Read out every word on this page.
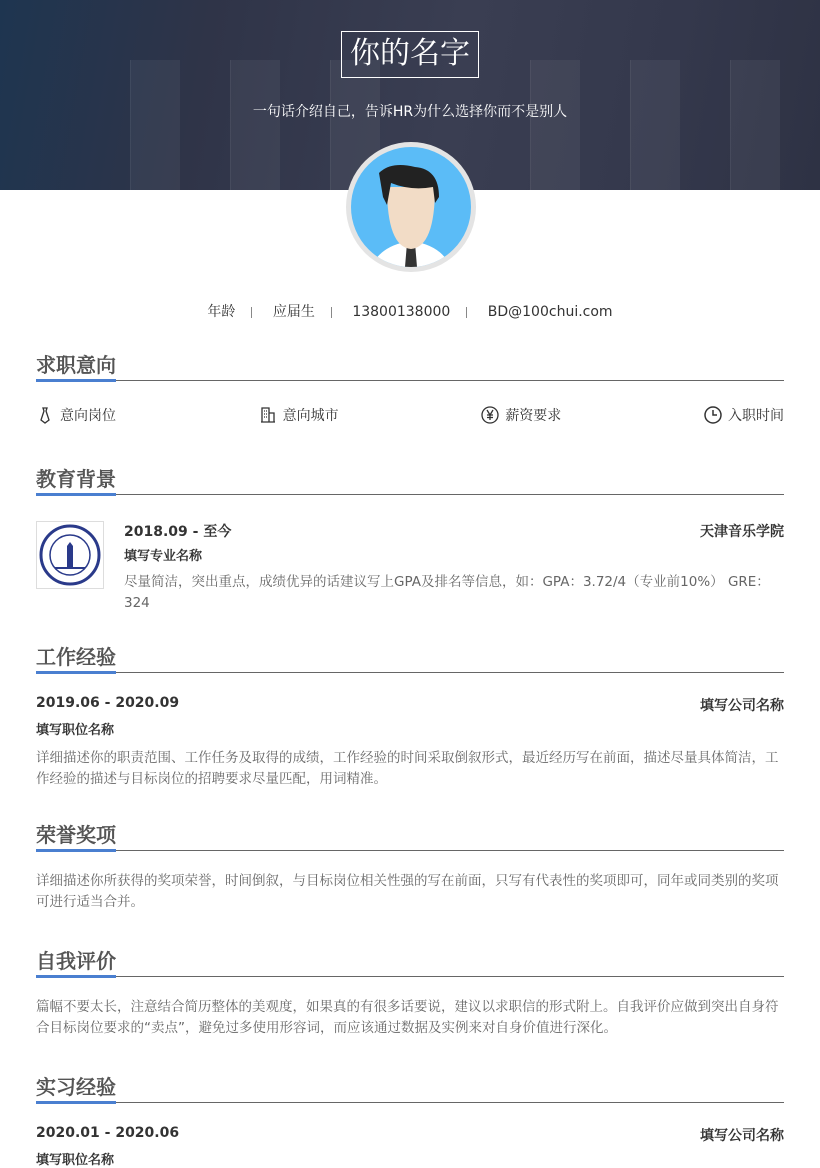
你的名字
一句话介绍自己，告诉HR为什么选择你而不是别人
年龄	应届生	13800138000	BD@100chui.com
求职意向
意向岗位	意向城市	薪资要求	入职时间
教育背景
2018.09 - 至今	天津音乐学院
填写专业名称
尽量简洁，突出重点，成绩优异的话建议写上GPA及排名等信息，如：GPA：3.72/4（专业前10%） GRE：324
工作经验
2019.06 - 2020.09	填写公司名称
填写职位名称
详细描述你的职责范围、工作任务及取得的成绩，工作经验的时间采取倒叙形式，最近经历写在前面，描述尽量具体简洁，工作经验的描述与目标岗位的招聘要求尽量匹配，用词精准。
荣誉奖项
详细描述你所获得的奖项荣誉，时间倒叙，与目标岗位相关性强的写在前面，只写有代表性的奖项即可，同年或同类别的奖项可进行适当合并。
自我评价
篇幅不要太长，注意结合简历整体的美观度，如果真的有很多话要说，建议以求职信的形式附上。自我评价应做到突出自身符合目标岗位要求的“卖点”，避免过多使用形容词，而应该通过数据及实例来对自身价值进行深化。
实习经验
2020.01 - 2020.06	填写公司名称
填写职位名称
